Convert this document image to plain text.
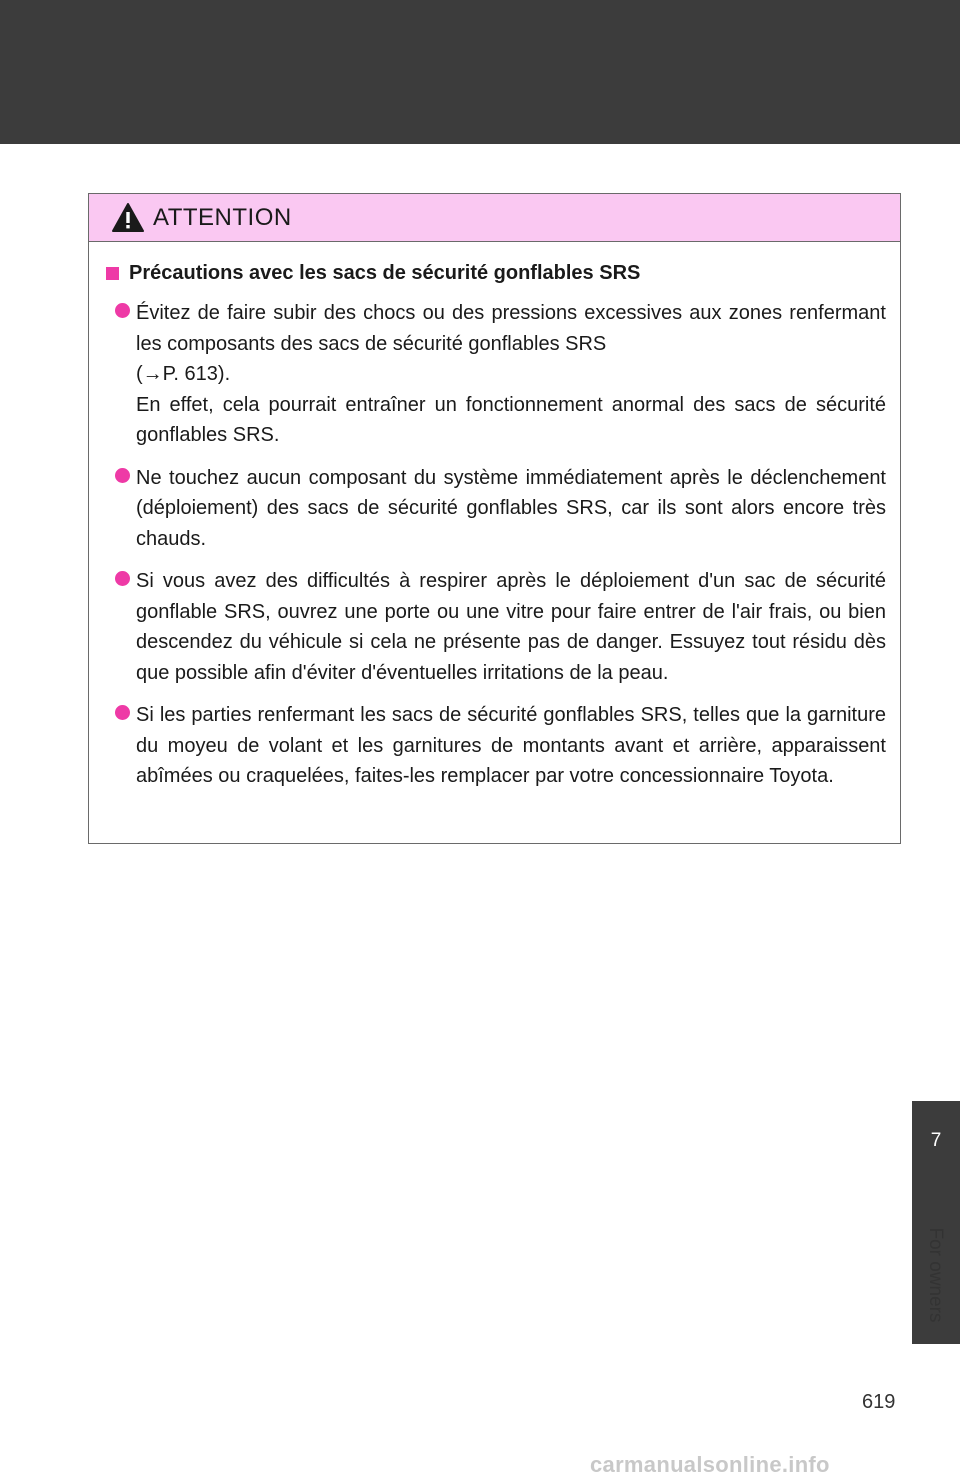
ATTENTION
Précautions avec les sacs de sécurité gonflables SRS
Évitez de faire subir des chocs ou des pressions excessives aux zones renfermant les composants des sacs de sécurité gonflables SRS
(→P. 613).
En effet, cela pourrait entraîner un fonctionnement anormal des sacs de sécurité gonflables SRS.
Ne touchez aucun composant du système immédiatement après le déclenchement (déploiement) des sacs de sécurité gonflables SRS, car ils sont alors encore très chauds.
Si vous avez des difficultés à respirer après le déploiement d'un sac de sécurité gonflable SRS, ouvrez une porte ou une vitre pour faire entrer de l'air frais, ou bien descendez du véhicule si cela ne présente pas de danger. Essuyez tout résidu dès que possible afin d'éviter d'éventuelles irritations de la peau.
Si les parties renfermant les sacs de sécurité gonflables SRS, telles que la garniture du moyeu de volant et les garnitures de montants avant et arrière, apparaissent abîmées ou craquelées, faites-les remplacer par votre concessionnaire Toyota.
7
For owners
619
carmanualsonline.info
